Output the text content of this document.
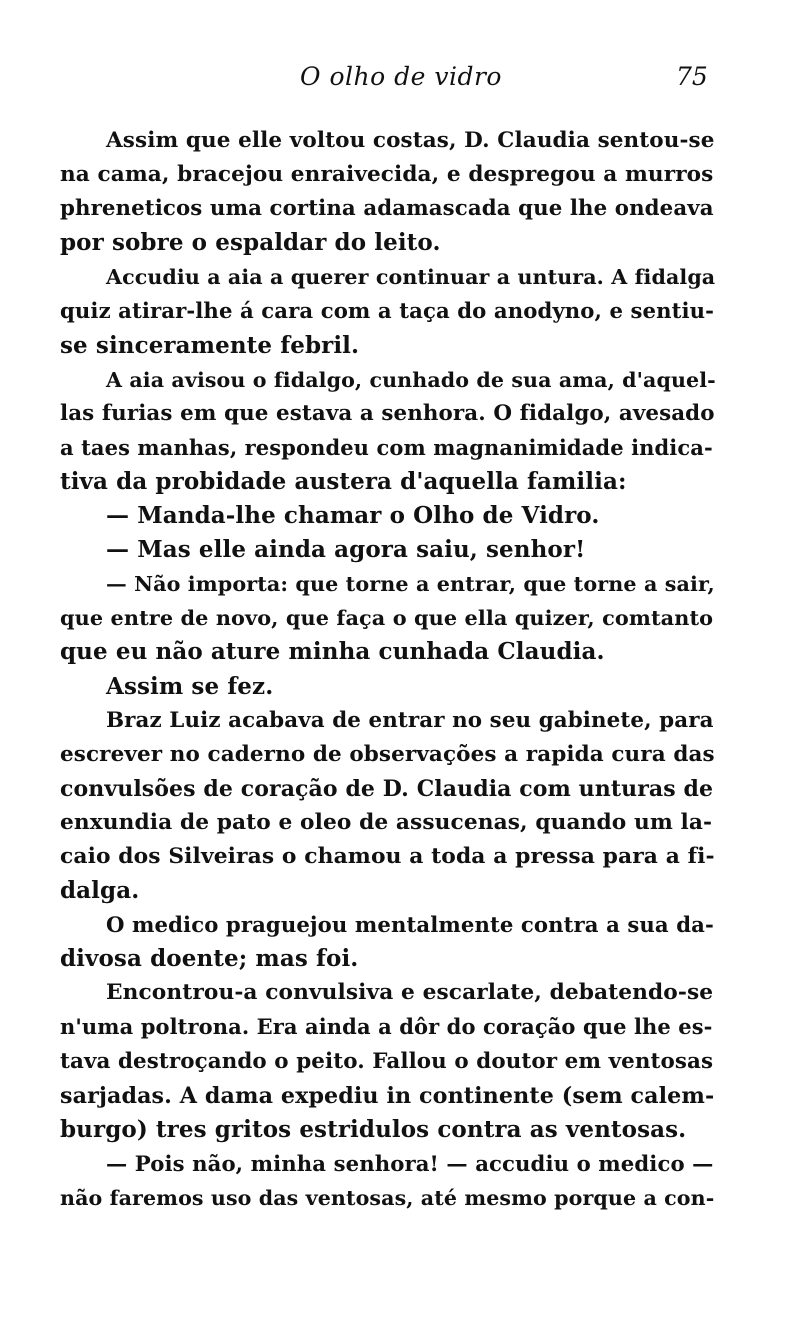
O olho de vidro	75
Assim que elle voltou costas, D. Claudia sentou-se
na cama, bracejou enraivecida, e despregou a murros
phreneticos uma cortina adamascada que lhe ondeava
por sobre o espaldar do leito.
Accudiu a aia a querer continuar a untura. A fidalga
quiz atirar-lhe á cara com a taça do anodyno, e sentiu-
se sinceramente febril.
A aia avisou o fidalgo, cunhado de sua ama, d'aquel-
las furias em que estava a senhora. O fidalgo, avesado
a taes manhas, respondeu com magnanimidade indica-
tiva da probidade austera d'aquella familia:
— Manda-lhe chamar o Olho de Vidro.
— Mas elle ainda agora saiu, senhor!
— Não importa: que torne a entrar, que torne a sair,
que entre de novo, que faça o que ella quizer, comtanto
que eu não ature minha cunhada Claudia.
Assim se fez.
Braz Luiz acabava de entrar no seu gabinete, para
escrever no caderno de observações a rapida cura das
convulsões de coração de D. Claudia com unturas de
enxundia de pato e oleo de assucenas, quando um la-
caio dos Silveiras o chamou a toda a pressa para a fi-
dalga.
O medico praguejou mentalmente contra a sua da-
divosa doente; mas foi.
Encontrou-a convulsiva e escarlate, debatendo-se
n'uma poltrona. Era ainda a dôr do coração que lhe es-
tava destroçando o peito. Fallou o doutor em ventosas
sarjadas. A dama expediu in continente (sem calem-
burgo) tres gritos estridulos contra as ventosas.
— Pois não, minha senhora! — accudiu o medico —
não faremos uso das ventosas, até mesmo porque a con-
